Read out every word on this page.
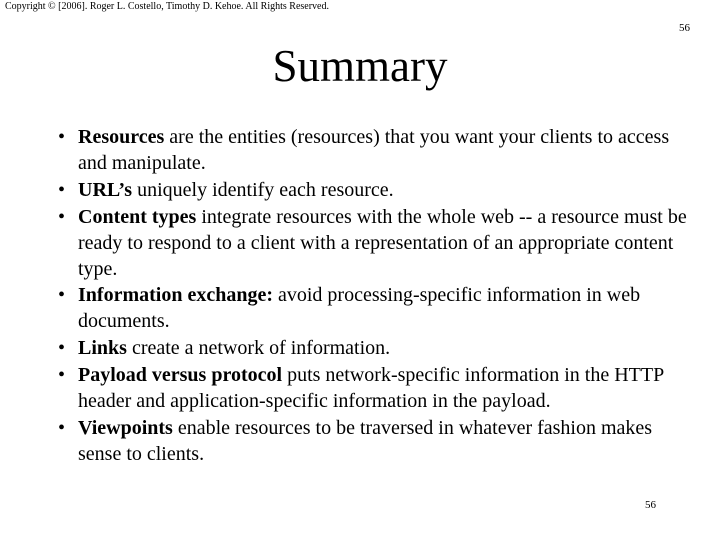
Copyright © [2006]. Roger L. Costello, Timothy D. Kehoe. All Rights Reserved.
56
Summary
• Resources are the entities (resources) that you want your clients to access and manipulate.
• URL’s uniquely identify each resource.
• Content types integrate resources with the whole web -- a resource must be ready to respond to a client with a representation of an appropriate content type.
• Information exchange: avoid processing-specific information in web documents.
• Links create a network of information.
• Payload versus protocol puts network-specific information in the HTTP header and application-specific information in the payload.
• Viewpoints enable resources to be traversed in whatever fashion makes sense to clients.
56
